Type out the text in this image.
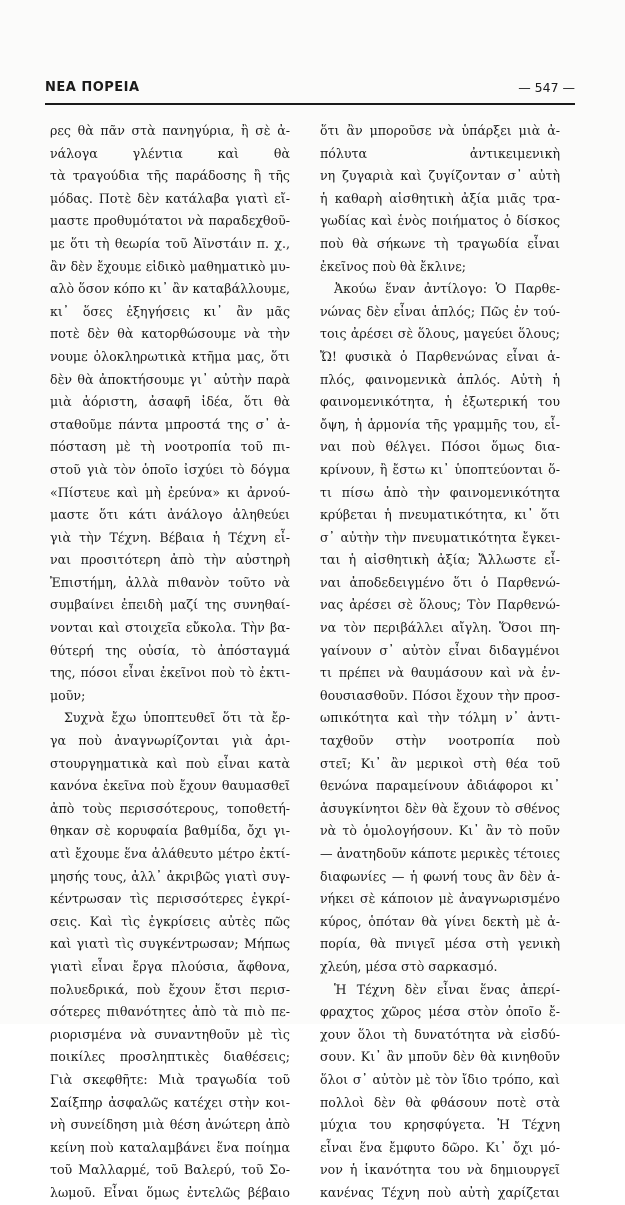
ΝΕΑ ΠΟΡΕΙΑ	— 547 —
ρες θὰ πᾶν στὰ πανηγύρια, ἢ σὲ ἀ-
νάλογα γλέντια καὶ θὰ
τὰ τραγούδια τῆς παράδοσης ἢ τῆς
μόδας. Ποτὲ δὲν κατάλαβα γιατὶ εἴ-
μαστε προθυμότατοι νὰ παραδεχθοῦ-
με ὅτι τὴ θεωρία τοῦ Ἀϊνστάιν π. χ.,
ἂν δὲν ἔχουμε εἰδικὸ μαθηματικὸ μυ-
αλὸ ὅσον κόπο κι᾽ ἂν καταβάλλουμε,
κι᾽ ὅσες ἐξηγήσεις κι᾽ ἂν μᾶς
ποτὲ δὲν θὰ κατορθώσουμε νὰ τὴν
νουμε ὁλοκληρωτικὰ κτῆμα μας, ὅτι
δὲν θὰ ἀποκτήσουμε γι᾽ αὐτὴν παρὰ
μιὰ ἀόριστη, ἀσαφῆ ἰδέα, ὅτι θὰ
σταθοῦμε πάντα μπροστά της σ᾽ ἀ-
πόσταση μὲ τὴ νοοτροπία τοῦ πι-
στοῦ γιὰ τὸν ὁποῖο ἰσχύει τὸ δόγμα
«Πίστευε καὶ μὴ ἐρεύνα» κι ἀρνού-
μαστε ὅτι κάτι ἀνάλογο ἀληθεύει
γιὰ τὴν Τέχνη. Βέβαια ἡ Τέχνη εἶ-
ναι προσιτότερη ἀπὸ τὴν αὐστηρὴ
Ἐπιστήμη, ἀλλὰ πιθανὸν τοῦτο νὰ
συμβαίνει ἐπειδὴ μαζί της συνηθαί-
νονται καὶ στοιχεῖα εὔκολα. Τὴν βα-
θύτερή της οὐσία, τὸ ἀπόσταγμά
της, πόσοι εἶναι ἐκεῖνοι ποὺ τὸ ἐκτι-
μοῦν;
Συχνὰ ἔχω ὑποπτευθεῖ ὅτι τὰ ἔρ-
γα ποὺ ἀναγνωρίζονται γιὰ ἀρι-
στουργηματικὰ καὶ ποὺ εἶναι κατὰ
κανόνα ἐκεῖνα ποὺ ἔχουν θαυμασθεῖ
ἀπὸ τοὺς περισσότερους, τοποθετή-
θηκαν σὲ κορυφαία βαθμίδα, ὄχι γι-
ατὶ ἔχουμε ἕνα ἀλάθευτο μέτρο ἐκτί-
μησής τους, ἀλλ᾽ ἀκριβῶς γιατὶ συγ-
κέντρωσαν τὶς περισσότερες ἐγκρί-
σεις. Καὶ τὶς ἐγκρίσεις αὐτὲς πῶς
καὶ γιατὶ τὶς συγκέντρωσαν; Μήπως
γιατὶ εἶναι ἔργα πλούσια, ἄφθονα,
πολυεδρικά, ποὺ ἔχουν ἔτσι περισ-
σότερες πιθανότητες ἀπὸ τὰ πιὸ πε-
ριορισμένα νὰ συναντηθοῦν μὲ τὶς
ποικίλες προσληπτικὲς διαθέσεις;
Γιὰ σκεφθῆτε: Μιὰ τραγωδία τοῦ
Σαίξπηρ ἀσφαλῶς κατέχει στὴν κοι-
νὴ συνείδηση μιὰ θέση ἀνώτερη ἀπὸ
κείνη ποὺ καταλαμβάνει ἕνα ποίημα
τοῦ Μαλλαρμέ, τοῦ Βαλερύ, τοῦ Σο-
λωμοῦ. Εἶναι ὅμως ἐντελῶς βέβαιο
ὅτι ἂν μποροῦσε νὰ ὑπάρξει μιὰ ἀ-
πόλυτα ἀντικειμενικὴ
νη ζυγαριὰ καὶ ζυγίζονταν σ᾽ αὐτὴ
ἡ καθαρὴ αἰσθητικὴ ἀξία μιᾶς τρα-
γωδίας καὶ ἑνὸς ποιήματος ὁ δίσκος
ποὺ θὰ σήκωνε τὴ τραγωδία εἶναι
ἐκεῖνος ποὺ θὰ ἔκλινε;
Ἀκούω ἕναν ἀντίλογο: Ὁ Παρθε-
νώνας δὲν εἶναι ἁπλός; Πῶς ἐν τού-
τοις ἀρέσει σὲ ὅλους, μαγεύει ὅλους;
Ὤ! φυσικὰ ὁ Παρθενώνας εἶναι ἁ-
πλός, φαινομενικὰ ἁπλός. Αὐτὴ ἡ
φαινομενικότητα, ἡ ἐξωτερική του
ὄψη, ἡ ἁρμονία τῆς γραμμῆς του, εἶ-
ναι ποὺ θέλγει. Πόσοι ὅμως δια-
κρίνουν, ἢ ἔστω κι᾽ ὑποπτεύονται ὅ-
τι πίσω ἀπὸ τὴν φαινομενικότητα
κρύβεται ἡ πνευματικότητα, κι᾽ ὅτι
σ᾽ αὐτὴν τὴν πνευματικότητα ἔγκει-
ται ἡ αἰσθητικὴ ἀξία; Ἄλλωστε εἶ-
ναι ἀποδεδειγμένο ὅτι ὁ Παρθενώ-
νας ἀρέσει σὲ ὅλους; Τὸν Παρθενώ-
να τὸν περιβάλλει αἴγλη. Ὅσοι πη-
γαίνουν σ᾽ αὐτὸν εἶναι διδαγμένοι
τι πρέπει νὰ θαυμάσουν καὶ νὰ ἐν-
θουσιασθοῦν. Πόσοι ἔχουν τὴν προσ-
ωπικότητα καὶ τὴν τόλμη ν᾽ ἀντι-
ταχθοῦν στὴν νοοτροπία ποὺ
στεῖ; Κι᾽ ἂν μερικοὶ στὴ θέα τοῦ
θενώνα παραμείνουν ἀδιάφοροι κι᾽
ἀσυγκίνητοι δὲν θὰ ἔχουν τὸ σθένος
νὰ τὸ ὁμολογήσουν. Κι᾽ ἂν τὸ ποῦν
— ἀνατηδοῦν κάποτε μερικὲς τέτοιες
διαφωνίες — ἡ φωνή τους ἂν δὲν ἀ-
νήκει σὲ κάποιον μὲ ἀναγνωρισμένο
κύρος, ὁπόταν θὰ γίνει δεκτὴ μὲ ἀ-
πορία, θὰ πνιγεῖ μέσα στὴ γενικὴ
χλεύη, μέσα στὸ σαρκασμό.
Ἡ Τέχνη δὲν εἶναι ἕνας ἀπερί-
φραχτος χῶρος μέσα στὸν ὁποῖο ἔ-
χουν ὅλοι τὴ δυνατότητα νὰ εἰσδύ-
σουν. Κι᾽ ἂν μποῦν δὲν θὰ κινηθοῦν
ὅλοι σ᾽ αὐτὸν μὲ τὸν ἴδιο τρόπο, καὶ
πολλοὶ δὲν θὰ φθάσουν ποτὲ στὰ
μύχια του κρησφύγετα. Ἡ Τέχνη
εἶναι ἕνα ἔμφυτο δῶρο. Κι᾽ ὄχι μό-
νον ἡ ἱκανότητα του νὰ δημιουργεῖ
κανένας Τέχνη ποὺ αὐτὴ χαρίζεται
